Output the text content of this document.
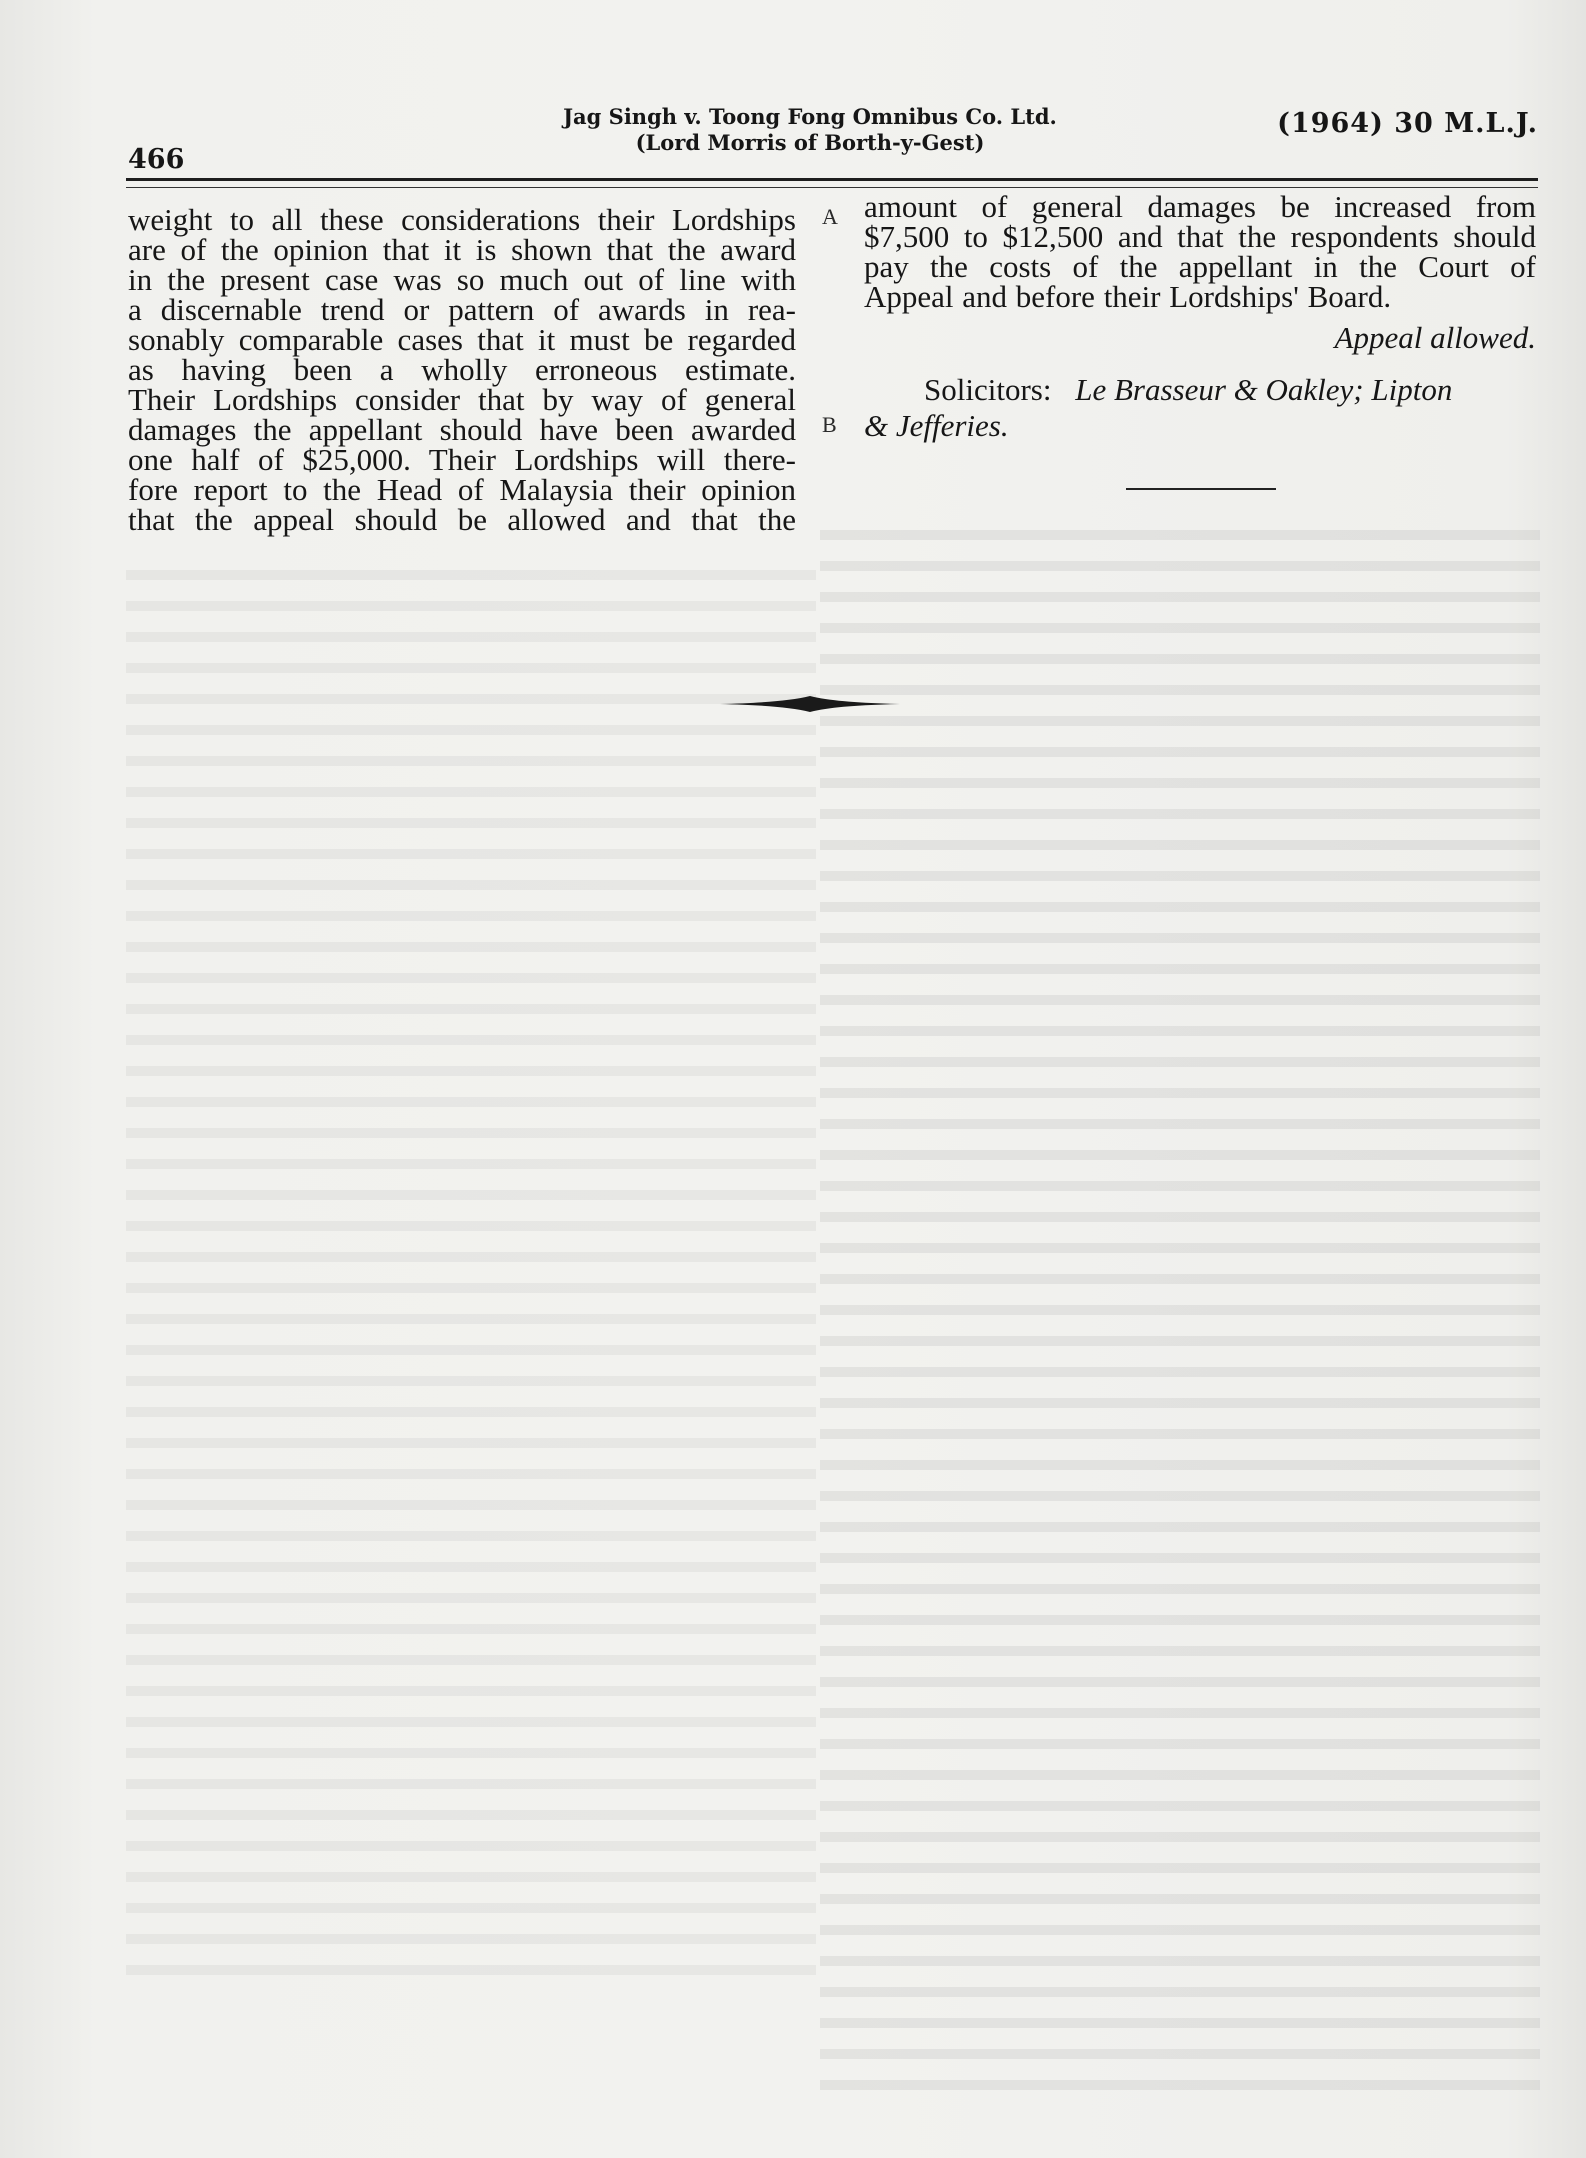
466
Jag Singh v. Toong Fong Omnibus Co. Ltd.
(Lord Morris of Borth-y-Gest)
(1964) 30 M.L.J.
weight to all these considerations their Lordships
are of the opinion that it is shown that the award
in the present case was so much out of line with
a discernable trend or pattern of awards in rea-
sonably comparable cases that it must be regarded
as having been a wholly erroneous estimate.
Their Lordships consider that by way of general
damages the appellant should have been awarded
one half of $25,000. Their Lordships will there-
fore report to the Head of Malaysia their opinion
that the appeal should be allowed and that the
A
B
amount of general damages be increased from
$7,500 to $12,500 and that the respondents should
pay the costs of the appellant in the Court of
Appeal and before their Lordships' Board.
Appeal allowed.
Solicitors: Le Brasseur & Oakley; Lipton
& Jefferies.
